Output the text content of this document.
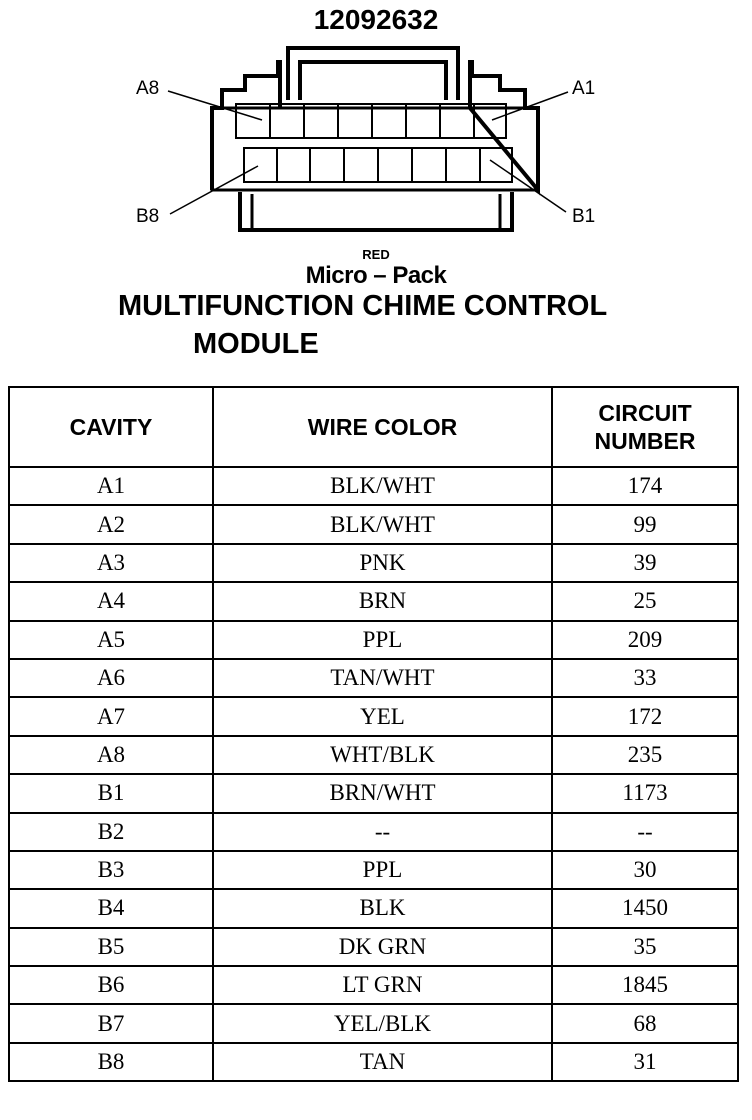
12092632
A8	A1
B8	B1
RED
Micro – Pack
MULTIFUNCTION CHIME CONTROL
MODULE
CAVITY	WIRE COLOR	CIRCUIT
NUMBER

A1	BLK/WHT	174
A2	BLK/WHT	99
A3	PNK	39
A4	BRN	25
A5	PPL	209
A6	TAN/WHT	33
A7	YEL	172
A8	WHT/BLK	235
B1	BRN/WHT	1173
B2	--	--
B3	PPL	30
B4	BLK	1450
B5	DK GRN	35
B6	LT GRN	1845
B7	YEL/BLK	68
B8	TAN	31
